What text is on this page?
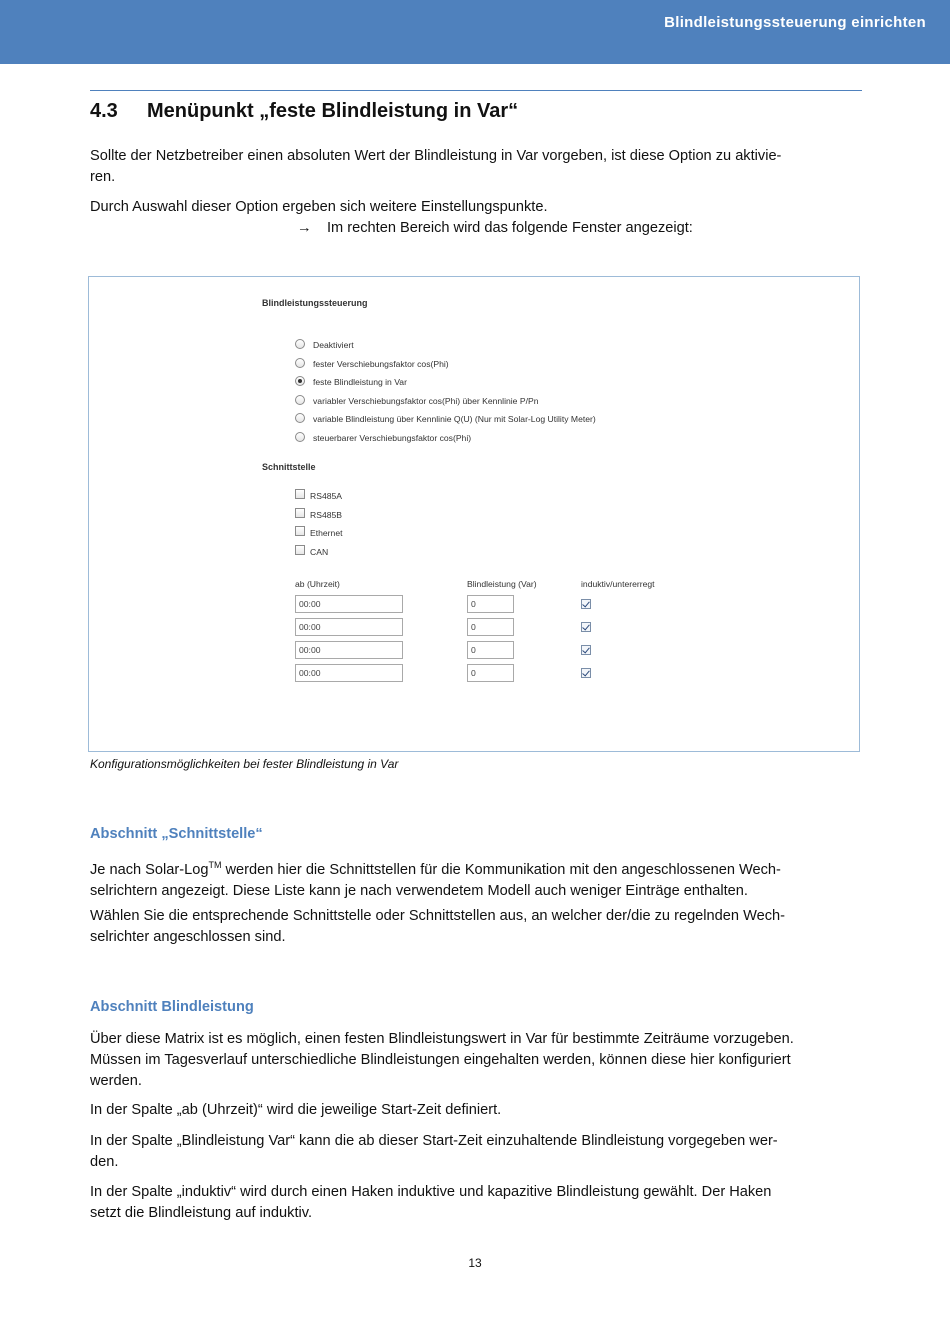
Blindleistungssteuerung einrichten
4.3 Menüpunkt „feste Blindleistung in Var“
Sollte der Netzbetreiber einen absoluten Wert der Blindleistung in Var vorgeben, ist diese Option zu aktivie-
ren.
Durch Auswahl dieser Option ergeben sich weitere Einstellungspunkte.
→ Im rechten Bereich wird das folgende Fenster angezeigt:
Blindleistungssteuerung
Deaktiviert
fester Verschiebungsfaktor cos(Phi)
feste Blindleistung in Var
variabler Verschiebungsfaktor cos(Phi) über Kennlinie P/Pn
variable Blindleistung über Kennlinie Q(U) (Nur mit Solar-Log Utility Meter)
steuerbarer Verschiebungsfaktor cos(Phi)
Schnittstelle
RS485A
RS485B
Ethernet
CAN
ab (Uhrzeit)	Blindleistung (Var)	induktiv/untererregt
00:00	0
00:00	0
00:00	0
00:00	0
Konfigurationsmöglichkeiten bei fester Blindleistung in Var
Abschnitt „Schnittstelle“
Je nach Solar-Log™ werden hier die Schnittstellen für die Kommunikation mit den angeschlossenen Wech-
selrichtern angezeigt. Diese Liste kann je nach verwendetem Modell auch weniger Einträge enthalten.
Wählen Sie die entsprechende Schnittstelle oder Schnittstellen aus, an welcher der/die zu regelnden Wech-
selrichter angeschlossen sind.
Abschnitt Blindleistung
Über diese Matrix ist es möglich, einen festen Blindleistungswert in Var für bestimmte Zeiträume vorzugeben.
Müssen im Tagesverlauf unterschiedliche Blindleistungen eingehalten werden, können diese hier konfiguriert
werden.
In der Spalte „ab (Uhrzeit)“ wird die jeweilige Start-Zeit definiert.
In der Spalte „Blindleistung Var“ kann die ab dieser Start-Zeit einzuhaltende Blindleistung vorgegeben wer-
den.
In der Spalte „induktiv“ wird durch einen Haken induktive und kapazitive Blindleistung gewählt. Der Haken
setzt die Blindleistung auf induktiv.
13
